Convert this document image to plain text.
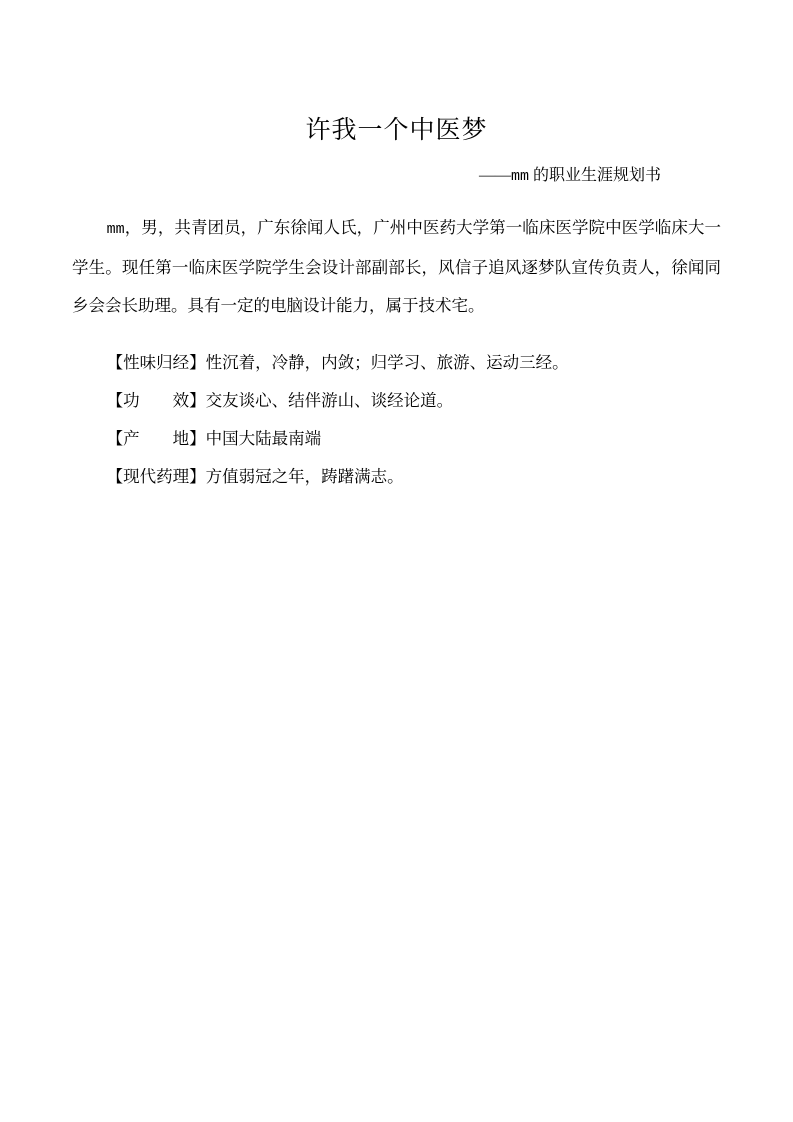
许我一个中医梦
——mm 的职业生涯规划书

mm，男，共青团员，广东徐闻人氏，广州中医药大学第一临床医学院中医学临床大一学生。现任第一临床医学院学生会设计部副部长，风信子追风逐梦队宣传负责人，徐闻同乡会会长助理。具有一定的电脑设计能力，属于技术宅。

【性味归经】性沉着，冷静，内敛；归学习、旅游、运动三经。
【功　　效】交友谈心、结伴游山、谈经论道。
【产　　地】中国大陆最南端
【现代药理】方值弱冠之年，踌躇满志。
